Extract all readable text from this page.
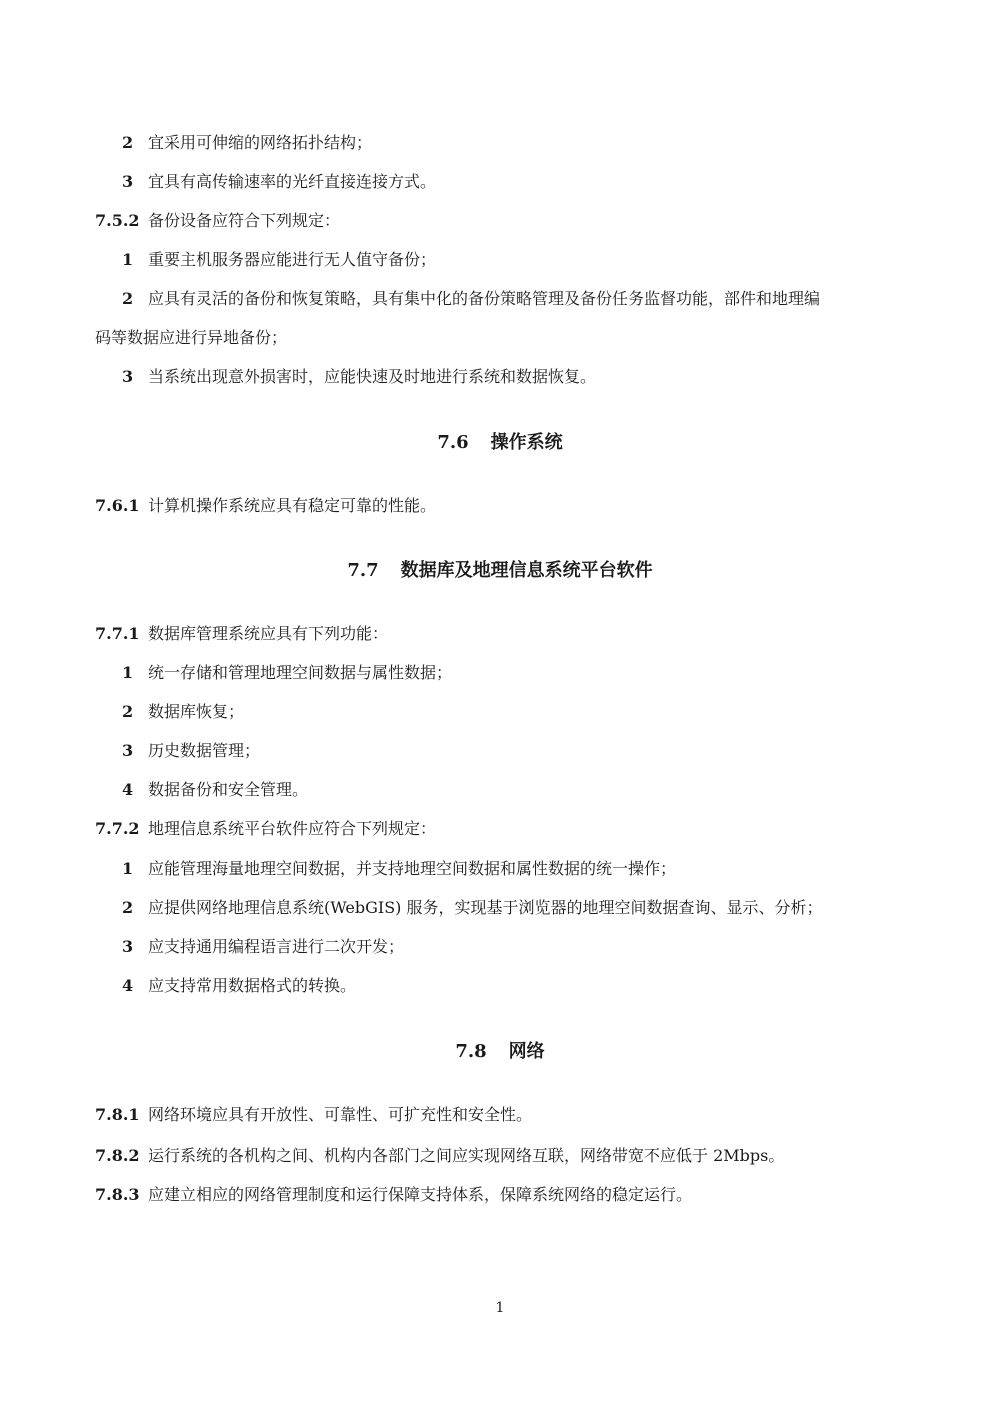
2 宜采用可伸缩的网络拓扑结构；
3 宜具有高传输速率的光纤直接连接方式。
7.5.2 备份设备应符合下列规定：
1 重要主机服务器应能进行无人值守备份；
2 应具有灵活的备份和恢复策略，具有集中化的备份策略管理及备份任务监督功能，部件和地理编
码等数据应进行异地备份；
3 当系统出现意外损害时，应能快速及时地进行系统和数据恢复。
7.6 操作系统
7.6.1 计算机操作系统应具有稳定可靠的性能。
7.7 数据库及地理信息系统平台软件
7.7.1 数据库管理系统应具有下列功能：
1 统一存储和管理地理空间数据与属性数据；
2 数据库恢复；
3 历史数据管理；
4 数据备份和安全管理。
7.7.2 地理信息系统平台软件应符合下列规定：
1 应能管理海量地理空间数据，并支持地理空间数据和属性数据的统一操作；
2 应提供网络地理信息系统(WebGIS) 服务，实现基于浏览器的地理空间数据查询、显示、分析；
3 应支持通用编程语言进行二次开发；
4 应支持常用数据格式的转换。
7.8 网络
7.8.1 网络环境应具有开放性、可靠性、可扩充性和安全性。
7.8.2 运行系统的各机构之间、机构内各部门之间应实现网络互联，网络带宽不应低于 2Mbps。
7.8.3 应建立相应的网络管理制度和运行保障支持体系，保障系统网络的稳定运行。
1
